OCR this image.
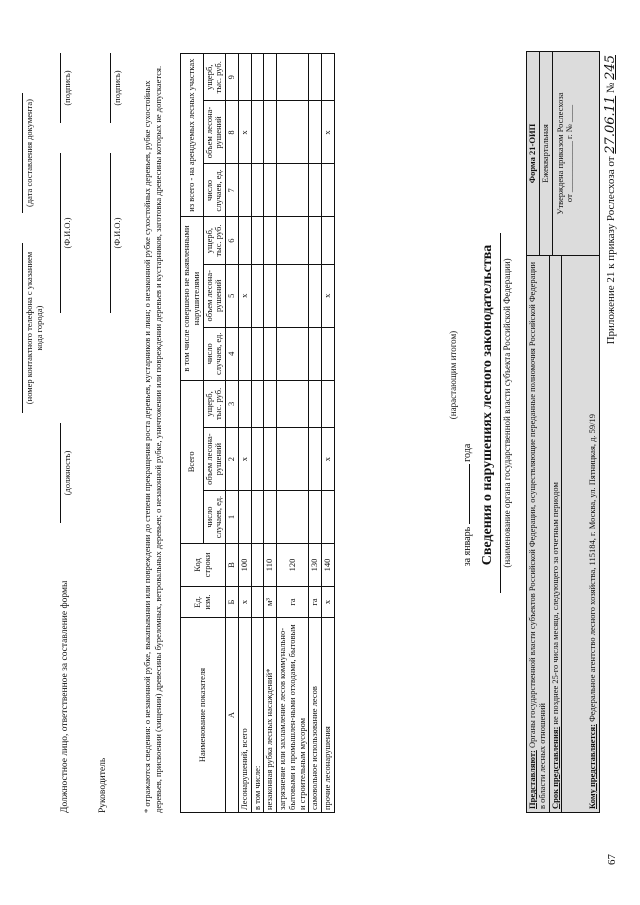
Приложение 21 к приказу Рослесхоза от 27.06.11 № 245
Представляют: Органы государственной власти субъектов Российской Федерации, осуществляющие переданные полномочия Российской Федерации в области лесных отношений Срок представления: не позднее 25-го числа месяца, следующего за отчетным периодом
Кому представляется: Федеральное агентство лесного хозяйства, 115184, г. Москва, ул. Пятницкая, д. 59/19
Форма 21-ОИП Ежеквартальная Утверждена приказом Рослесхоза
от ____________ г. № ____
(наименование органа государственной власти субъекта Российской Федерации)
Сведения о нарушениях лесного законодательства
за январь  года
(нарастающим итогом)
Наименование показателя	Ед. изм.	Код строки	Всего			в том числе совершено не выявленными нарушителями			из всего - на арендуемых лесных участках		
			число случаев, ед.	объем лесона-рушений	ущерб, тыс. руб.	число случаев, ед.	объем лесона-рушений	ущерб, тыс. руб.	число случаев, ед.	объем лесона-рушений	ущерб, тыс. руб.
А	Б	В	1	2	3	4	5	6	7	8	9
Лесонарушений, всего	х	100		х			х			х	
в том числе:											
незаконная рубка лесных насаждений*	м³	110									
загрязнение или захламление лесов коммунально-бытовыми и промышлен-ными отходами, бытовым и строительным мусором	га	120									
самовольное использование лесов	га	130									
прочие лесонарушения	х	140		х			х			х	
* отражаются сведения: о незаконной рубке, выкапывании или повреждении до степени прекращения роста деревьев, кустарников и лиан; о незаконной рубке сухостойных деревьев, рубке сухостойных деревьев, присвоении (хищении) древесины буреломных, ветровальных деревьев; о незаконной рубке, уничтожении или повреждении деревьев и кустарников, заготовка древесины которых не допускается.
Руководитель
(Ф.И.О.)
(подпись)
Должностное лицо, ответственное за составление формы
(должность)
(Ф.И.О.)
(подпись)
(номер контактного телефона с указанием кода города)
(дата составления документа)
67
